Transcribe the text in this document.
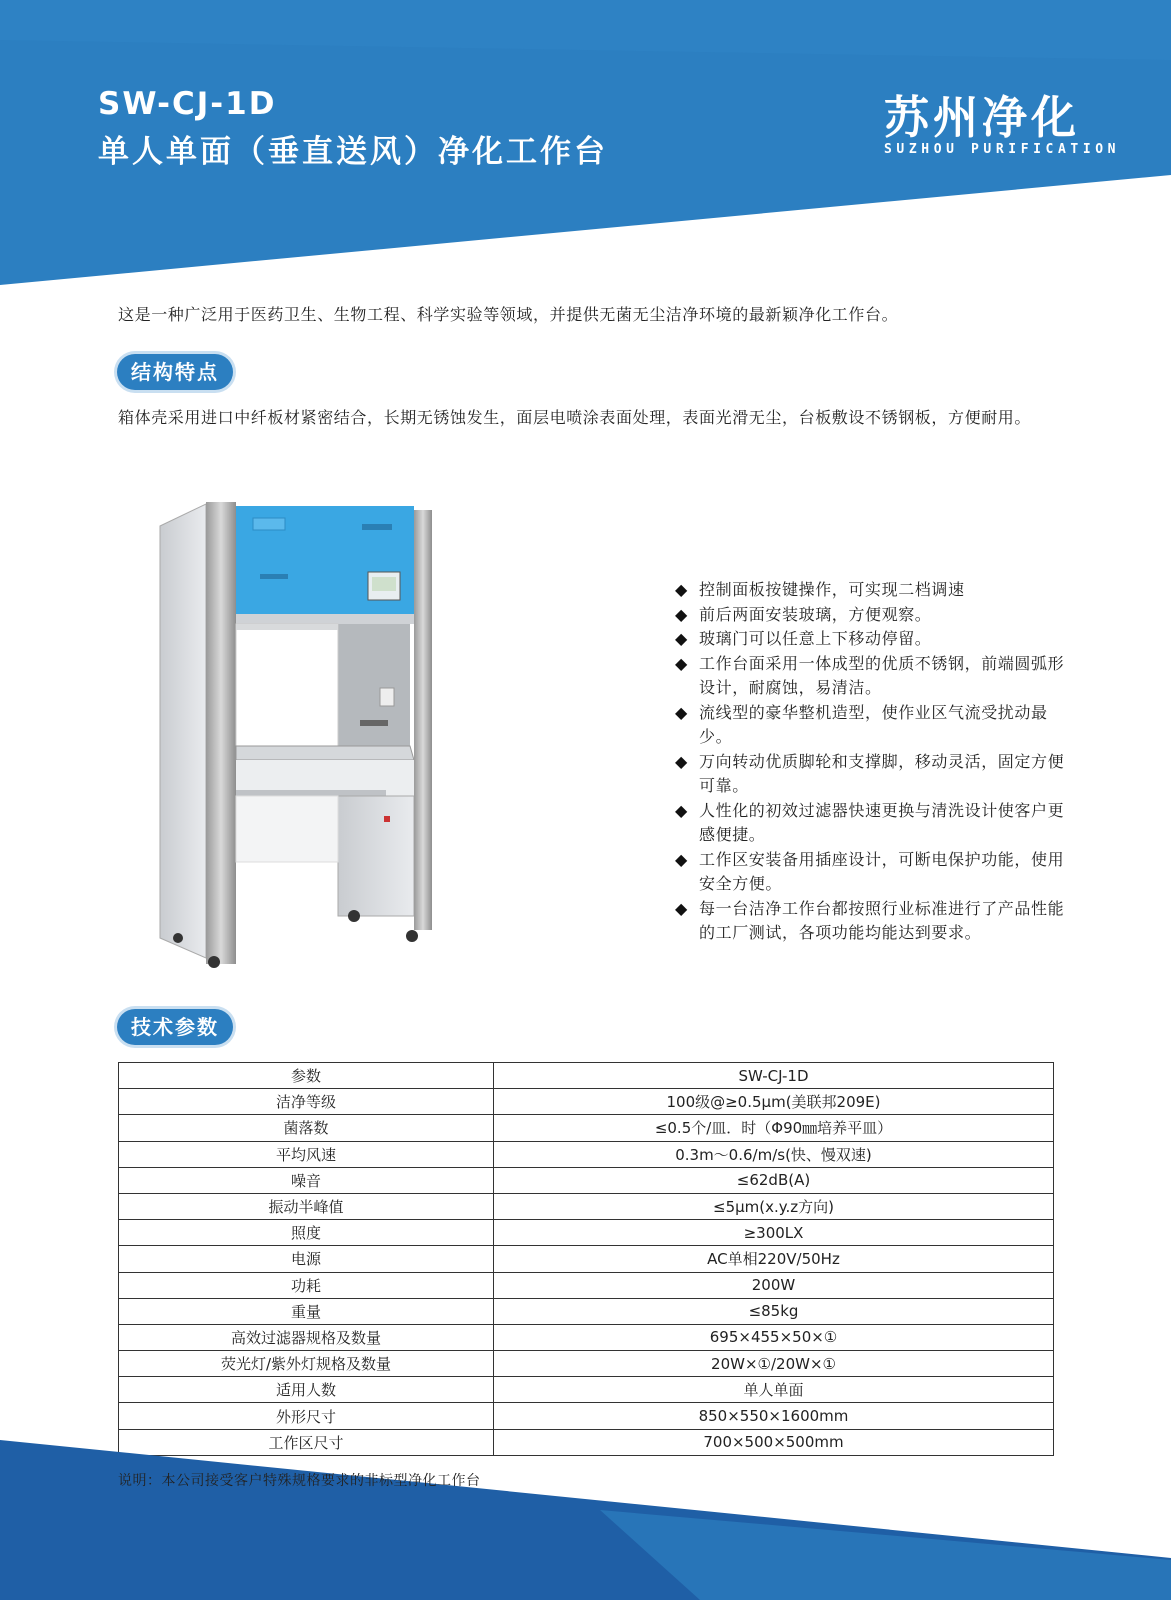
SW-CJ-1D
单人单面（垂直送风）净化工作台
苏州净化
SUZHOU PURIFICATION
这是一种广泛用于医药卫生、生物工程、科学实验等领域，并提供无菌无尘洁净环境的最新颖净化工作台。
结构特点
箱体壳采用进口中纤板材紧密结合，长期无锈蚀发生，面层电喷涂表面处理，表面光滑无尘，台板敷设不锈钢板，方便耐用。
◆ 控制面板按键操作，可实现二档调速
◆ 前后两面安装玻璃，方便观察。
◆ 玻璃门可以任意上下移动停留。
◆ 工作台面采用一体成型的优质不锈钢，前端圆弧形设计，耐腐蚀，易清洁。
◆ 流线型的豪华整机造型，使作业区气流受扰动最少。
◆ 万向转动优质脚轮和支撑脚，移动灵活，固定方便可靠。
◆ 人性化的初效过滤器快速更换与清洗设计使客户更感便捷。
◆ 工作区安装备用插座设计，可断电保护功能，使用安全方便。
◆ 每一台洁净工作台都按照行业标准进行了产品性能的工厂测试，各项功能均能达到要求。
技术参数
参数	SW-CJ-1D
洁净等级	100级@≥0.5μm(美联邦209E)
菌落数	≤0.5个/皿．时（Φ90㎜培养平皿）
平均风速	0.3m～0.6/m/s(快、慢双速)
噪音	≤62dB(A)
振动半峰值	≤5μm(x.y.z方向)
照度	≥300LX
电源	AC单相220V/50Hz
功耗	200W
重量	≤85kg
高效过滤器规格及数量	695×455×50×①
荧光灯/紫外灯规格及数量	20W×①/20W×①
适用人数	单人单面
外形尺寸	850×550×1600mm
工作区尺寸	700×500×500mm
说明：本公司接受客户特殊规格要求的非标型净化工作台
